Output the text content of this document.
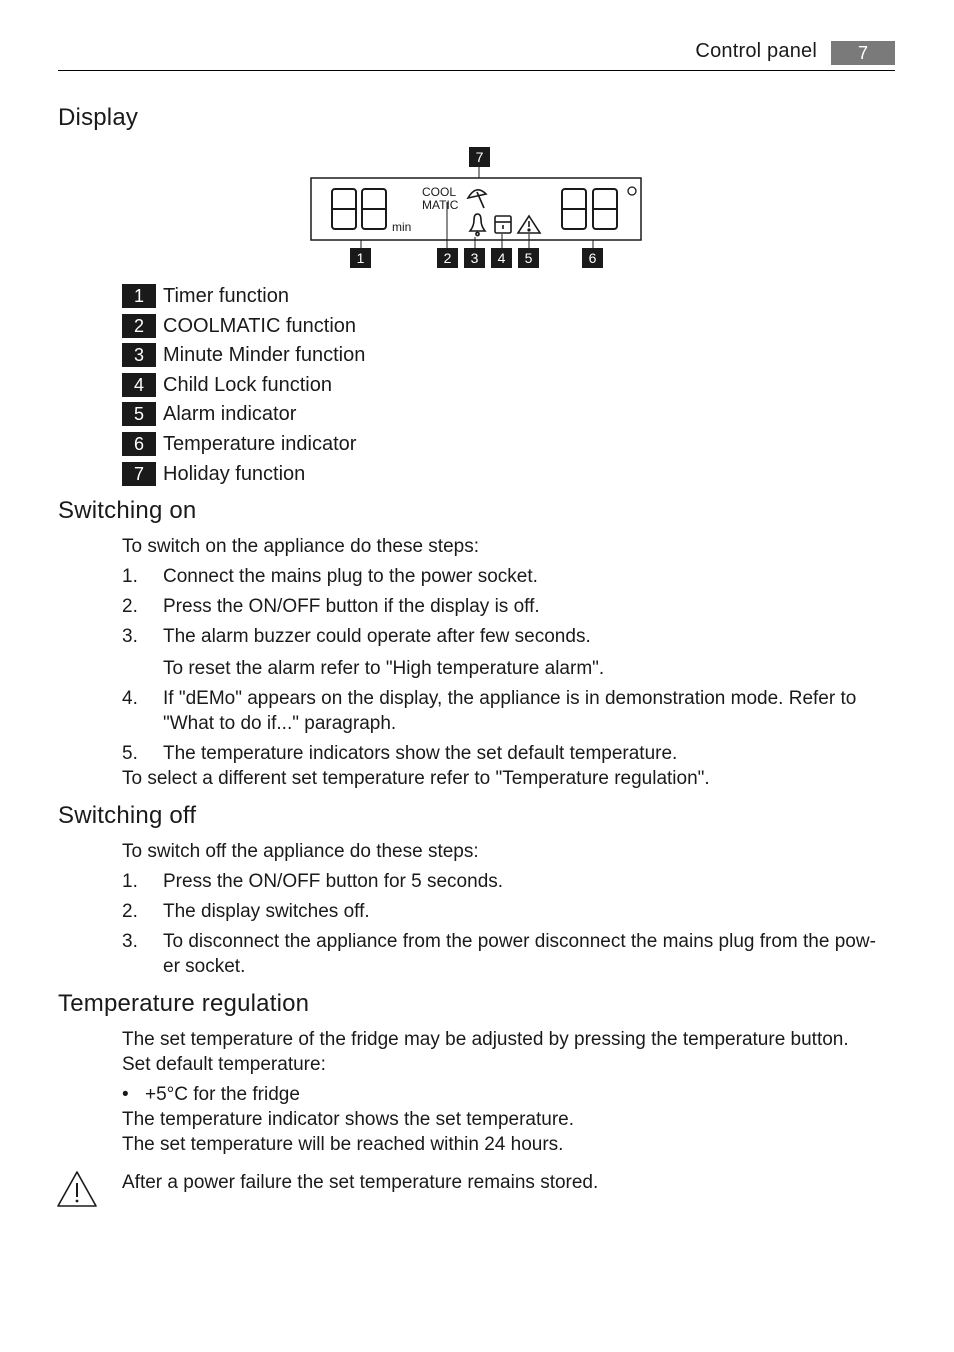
Control panel	7
Display
min
COOL
MATIC
7
1	2	3	4	5	6
1 Timer function
2 COOLMATIC function
3 Minute Minder function
4 Child Lock function
5 Alarm indicator
6 Temperature indicator
7 Holiday function
Switching on
To switch on the appliance do these steps:
1. Connect the mains plug to the power socket.
2. Press the ON/OFF button if the display is off.
3. The alarm buzzer could operate after few seconds.
To reset the alarm refer to "High temperature alarm".
4. If "dEMo" appears on the display, the appliance is in demonstration mode. Refer to
"What to do if..." paragraph.
5. The temperature indicators show the set default temperature.
To select a different set temperature refer to "Temperature regulation".
Switching off
To switch off the appliance do these steps:
1. Press the ON/OFF button for 5 seconds.
2. The display switches off.
3. To disconnect the appliance from the power disconnect the mains plug from the pow-
er socket.
Temperature regulation
The set temperature of the fridge may be adjusted by pressing the temperature button.
Set default temperature:
• +5°C for the fridge
The temperature indicator shows the set temperature.
The set temperature will be reached within 24 hours.
After a power failure the set temperature remains stored.
